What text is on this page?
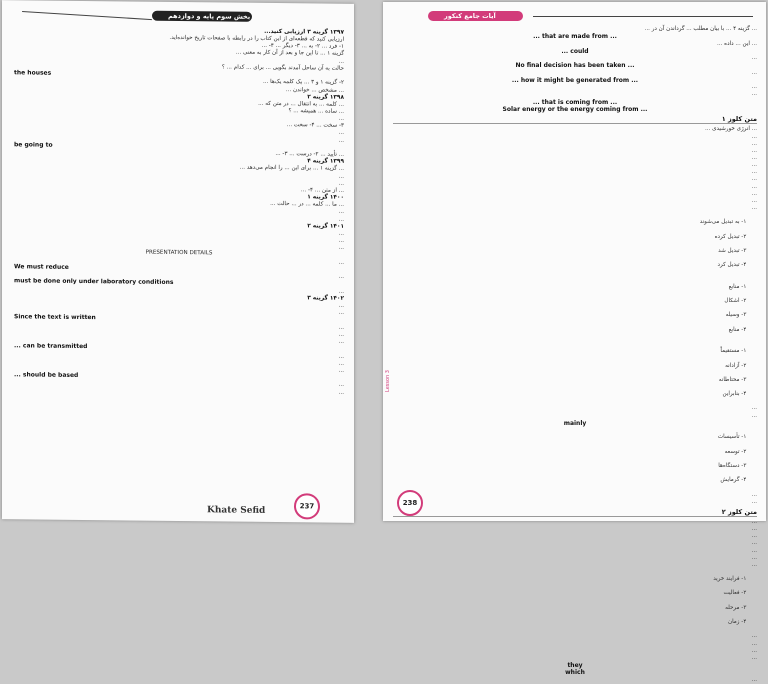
بخش سوم پایه و دوازدهم
۱۳۹۷ گزینه ۳ ارزیابی کنید...
ارزیابی کنید که قطعه‌ای از این کتاب را در رابطه با صفحات تاریخ خوانده‌اید.
۱- فرد ... ۲- به ... ۳- دیگر ... ۴- ...
گزینه ۱ ... تا این جا و بعد از آن کار به معنی ...
...
حالت به آن ساحل آمدند بگویی ... برای ... کدام ... ؟
the houses
۲- گزینه ۱ و ۳ ... یک کلمه یک‌ها ...
... مشخص ... خواندن ...
۱۳۹۸ گزینه ۲
... کلمه ... به انتقال ... در متن که ...
... ساده ... همیشه ... ؟
...
۳- سخت ... ۴- سخت ...
...
...
be going to
... تأیید ... ۲- درست ... ۳- ...
۱۳۹۹ گزینه ۴
... گزینه ۱ ... برای این ... را انجام می‌دهد ...
...
...
... از متن ... ۴- ...
۱۴۰۰ گزینه ۱
... ما ... کلمه ... در ... حالت ...
...
...
۱۴۰۱ گزینه ۲
...
...
...
PRESENTATION DETAILS
...
We must reduce
...
must be done only under laboratory conditions
...
۱۴۰۲ گزینه ۳
...
...
Since the text is written
...
...
...
... can be transmitted
...
...
...
... should be based
...
...
237
Khate Sefid
آیات جامع کنکور
... گزینه ۴ ... با بیان مطلب ... گرداندن آن در ...
... that are made from ...
... این ... داده ...
... could
...
No final decision has been taken ...
...
... how it might be generated from ...
...
...
... that is coming from ...
Solar energy or the energy coming from ...
متن کلوز ۱
... انرژی خورشیدی ...
...
...
...
...
...
...
...
...
...
...
...

۱- به تبدیل می‌شوند

۲- تبدیل کرده

۳- تبدیل شد

۴- تبدیل کرد

۱- منابع

۲- اشکال

۳- وسیله

۴- منابع

۱- مستقیماً

۲- آزادانه

۳- محتاطانه

۴- بنابراین

...
...
mainly

۱- تأسیسات

۲- توسعه

۳- دستگاه‌ها

۴- گرمایش

...
...
متن کلوز ۲
...
...
...
...
...
...
...

۱- فرایند خرید

۲- فعالیت

۳- مرحله

۴- زمان

...
...
...
...
they
which
...
Lesson 3
238
